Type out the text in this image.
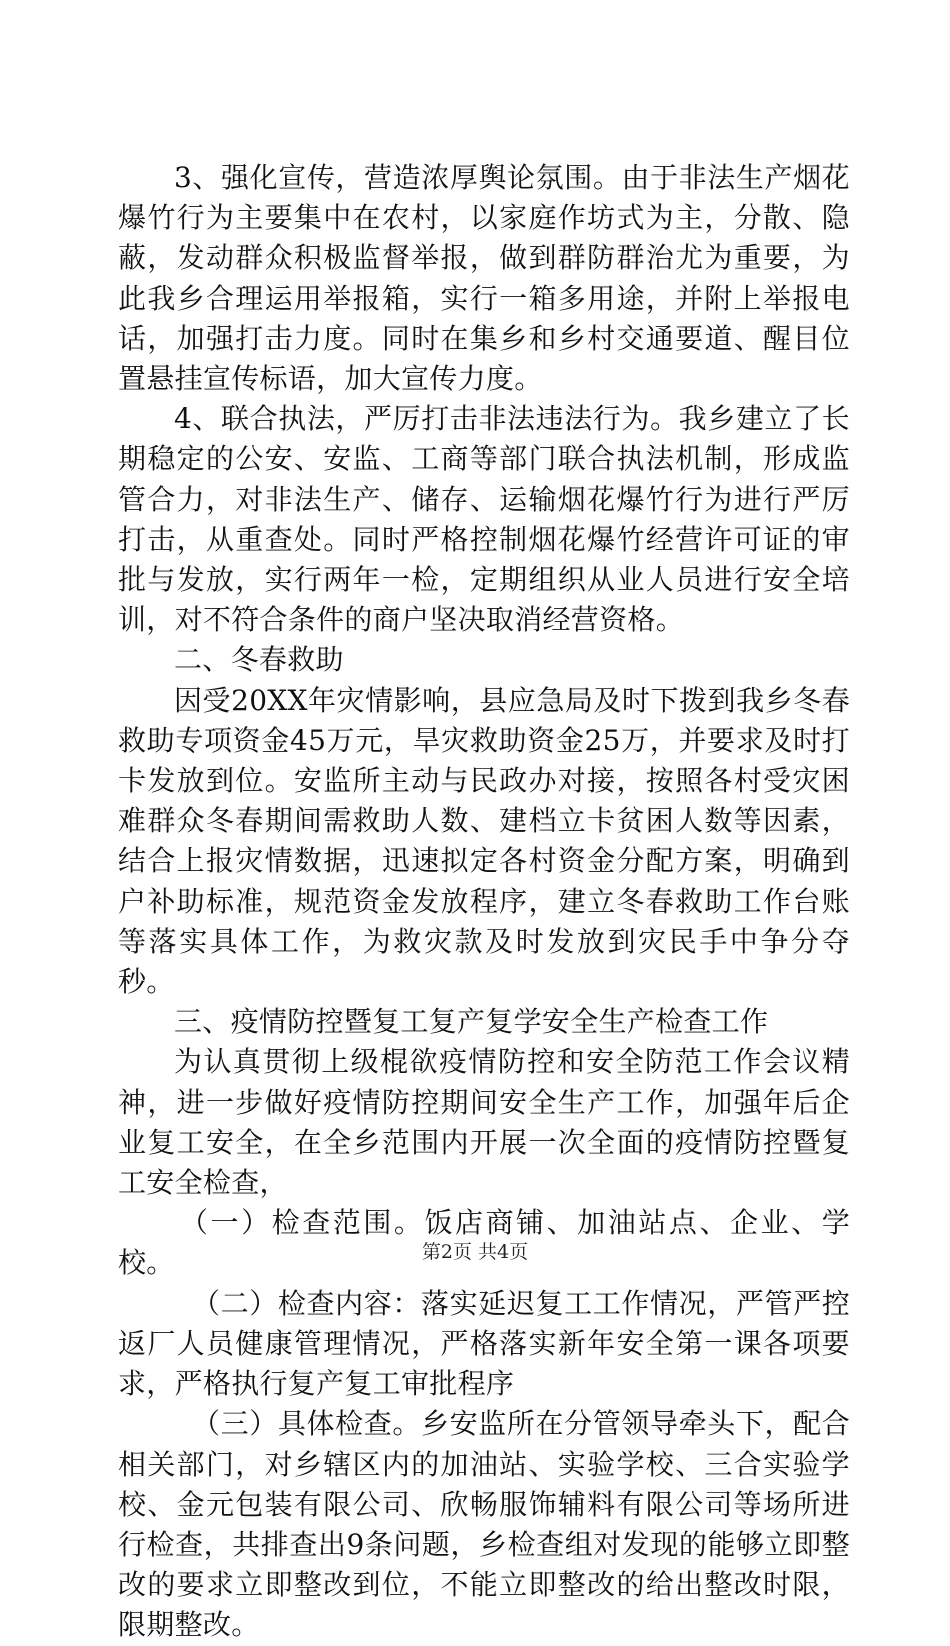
3、强化宣传，营造浓厚舆论氛围。由于非法生产烟花爆竹行为主要集中在农村，以家庭作坊式为主，分散、隐蔽，发动群众积极监督举报，做到群防群治尤为重要，为此我乡合理运用举报箱，实行一箱多用途，并附上举报电话，加强打击力度。同时在集乡和乡村交通要道、醒目位置悬挂宣传标语，加大宣传力度。

4、联合执法，严厉打击非法违法行为。我乡建立了长期稳定的公安、安监、工商等部门联合执法机制，形成监管合力，对非法生产、储存、运输烟花爆竹行为进行严厉打击，从重查处。同时严格控制烟花爆竹经营许可证的审批与发放，实行两年一检，定期组织从业人员进行安全培训，对不符合条件的商户坚决取消经营资格。

二、冬春救助

因受20XX年灾情影响，县应急局及时下拨到我乡冬春救助专项资金45万元，旱灾救助资金25万，并要求及时打卡发放到位。安监所主动与民政办对接，按照各村受灾困难群众冬春期间需救助人数、建档立卡贫困人数等因素，结合上报灾情数据，迅速拟定各村资金分配方案，明确到户补助标准，规范资金发放程序，建立冬春救助工作台账等落实具体工作，为救灾款及时发放到灾民手中争分夺秒。

三、疫情防控暨复工复产复学安全生产检查工作

为认真贯彻上级棍欲疫情防控和安全防范工作会议精神，进一步做好疫情防控期间安全生产工作，加强年后企业复工安全，在全乡范围内开展一次全面的疫情防控暨复工安全检查，

（一）检查范围。饭店商铺、加油站点、企业、学校。

（二）检查内容：落实延迟复工工作情况，严管严控返厂人员健康管理情况，严格落实新年安全第一课各项要求，严格执行复产复工审批程序

（三）具体检查。乡安监所在分管领导牵头下，配合相关部门，对乡辖区内的加油站、实验学校、三合实验学校、金元包装有限公司、欣畅服饰辅料有限公司等场所进行检查，共排查出9条问题，乡检查组对发现的能够立即整改的要求立即整改到位，不能立即整改的给出整改时限，限期整改。

第2页 共4页
